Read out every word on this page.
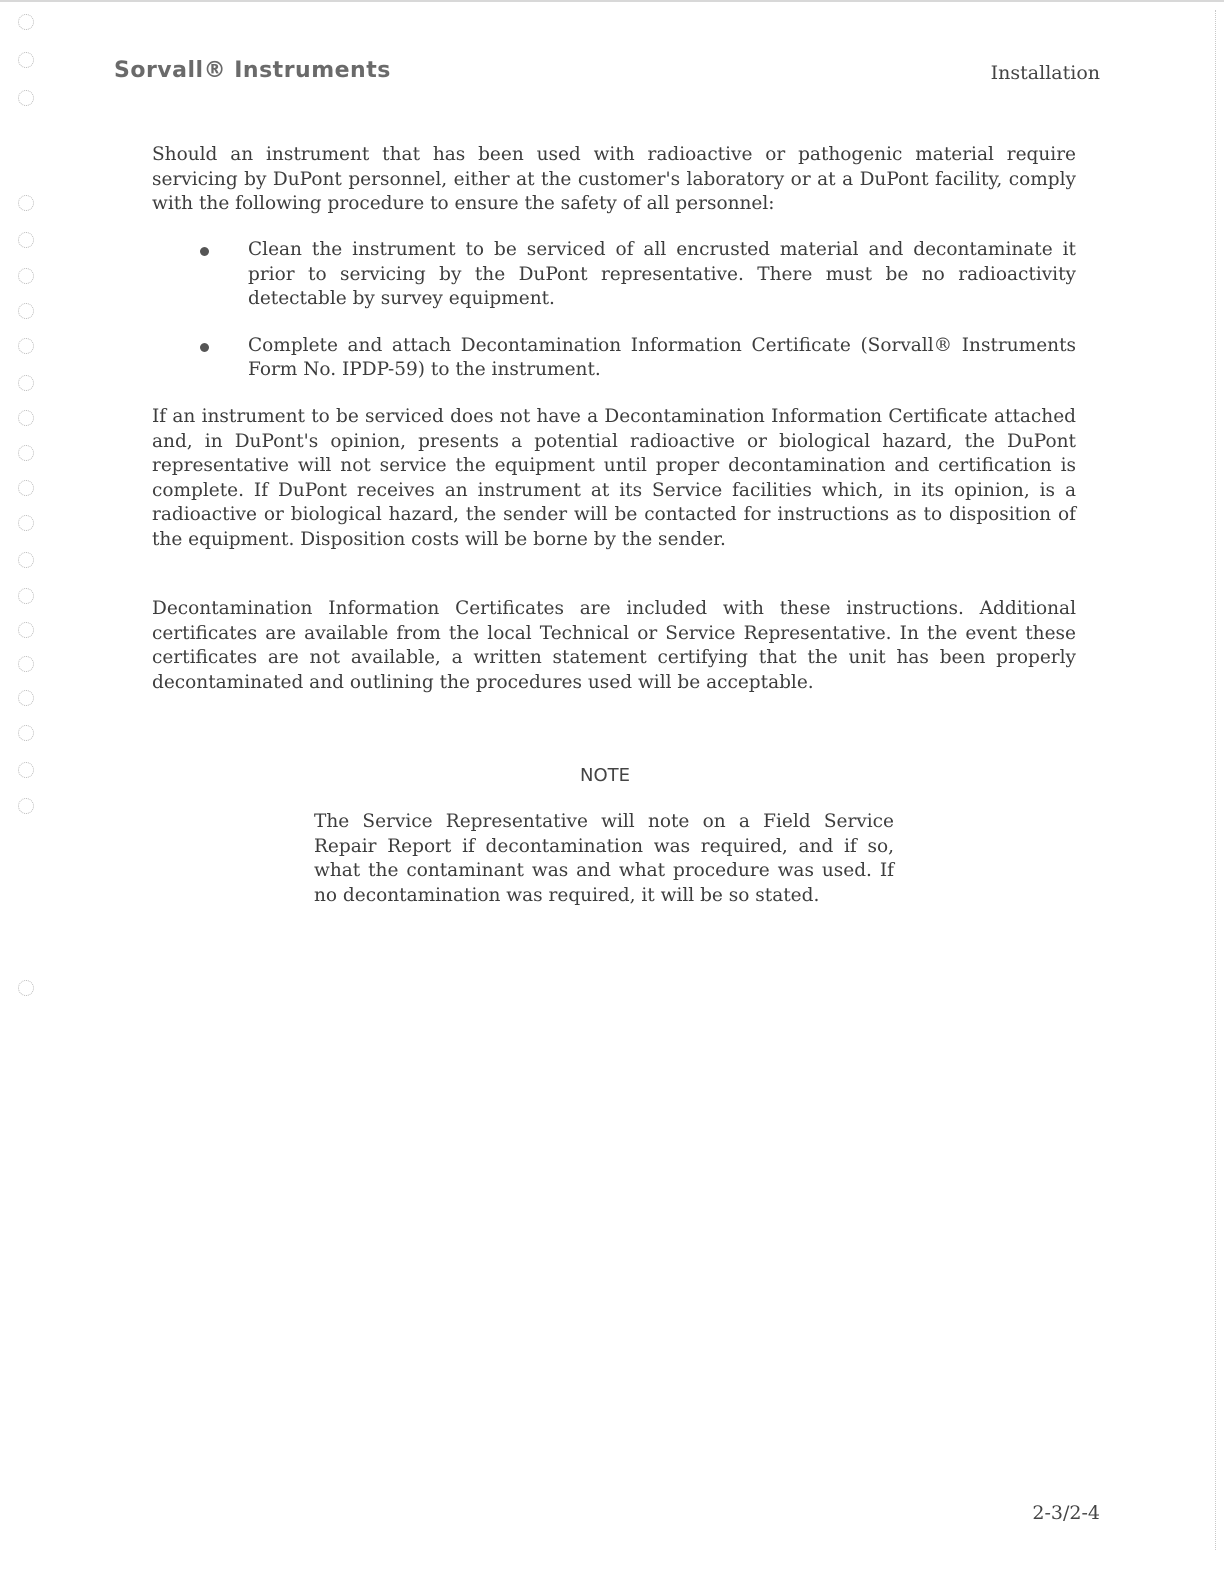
Sorvall® Instruments	Installation

Should an instrument that has been used with radioactive or pathogenic material require servicing by DuPont personnel, either at the customer's laboratory or at a DuPont facility, comply with the following procedure to ensure the safety of all personnel:

Clean the instrument to be serviced of all encrusted material and decontaminate it prior to servicing by the DuPont representative. There must be no radioactivity detectable by survey equipment.
Complete and attach Decontamination Information Certificate (Sorvall® Instruments Form No. IPDP-59) to the instrument.

If an instrument to be serviced does not have a Decontamination Information Certificate attached and, in DuPont's opinion, presents a potential radioactive or biological hazard, the DuPont representative will not service the equipment until proper decontamination and certification is complete. If DuPont receives an instrument at its Service facilities which, in its opinion, is a radioactive or biological hazard, the sender will be contacted for instructions as to disposition of the equipment. Disposition costs will be borne by the sender.

Decontamination Information Certificates are included with these instructions. Additional certificates are available from the local Technical or Service Representative. In the event these certificates are not available, a written statement certifying that the unit has been properly decontaminated and outlining the procedures used will be acceptable.

NOTE

The Service Representative will note on a Field Service Repair Report if decontamination was required, and if so, what the contaminant was and what procedure was used. If no decontamination was required, it will be so stated.

2-3/2-4
